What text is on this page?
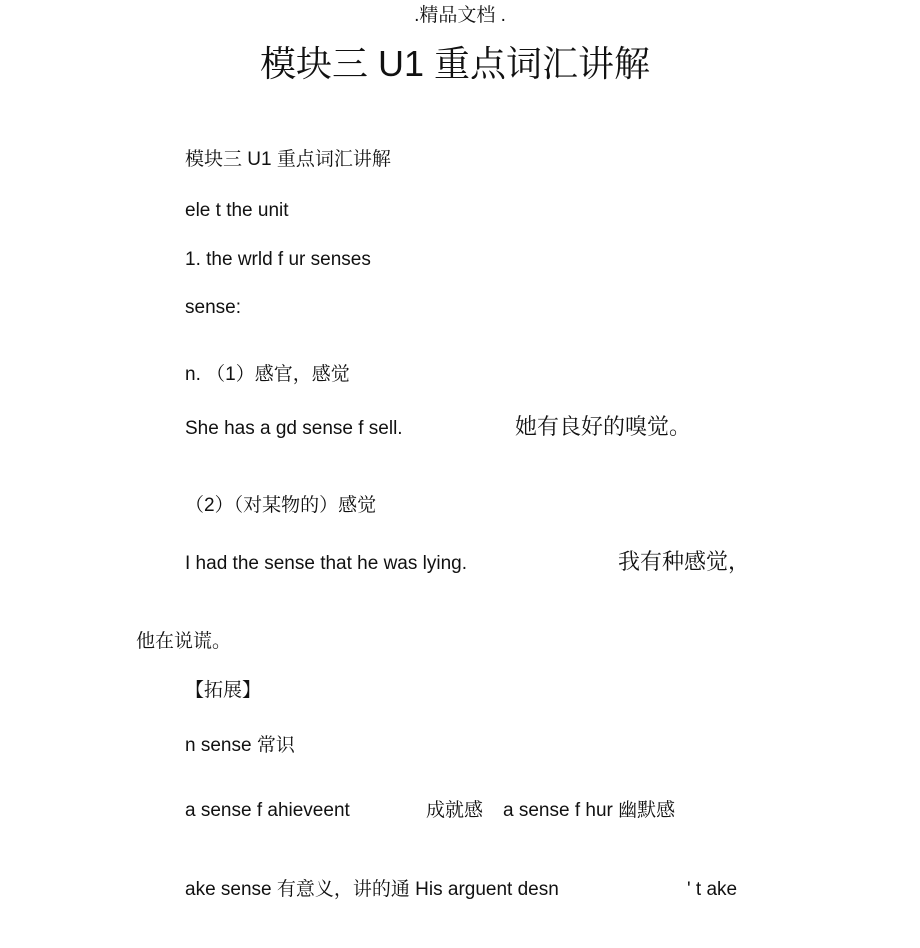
.精品文档 .
模块三 U1 重点词汇讲解
模块三 U1 重点词汇讲解
ele t the unit
1. the wrld f ur senses
sense:
n. （1）感官，感觉
She has a gd sense f sell.	她有良好的嗅觉。
（2）（对某物的）感觉
I had the sense that he was lying.	我有种感觉，
他在说谎。
【拓展】
n sense 常识
a sense f ahieveent	成就感 a sense f hur 幽默感
ake sense 有意义，讲的通 His arguent desn	' t ake
